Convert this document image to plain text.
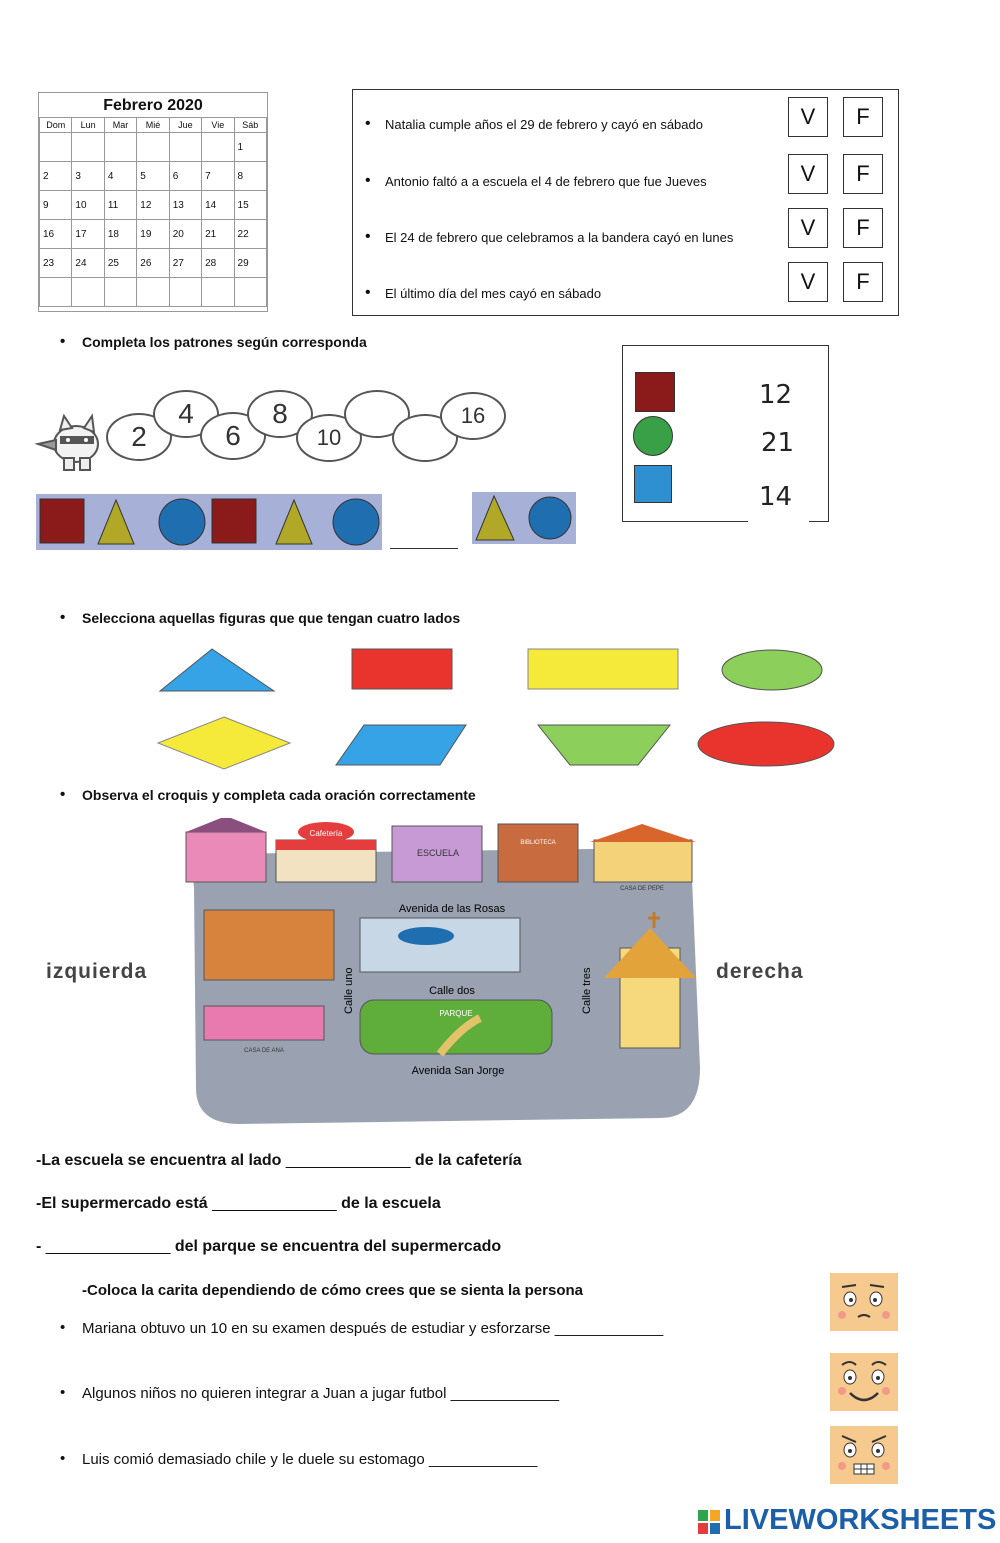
Febrero 2020
Dom	Lun	Mar	Mié	Jue	Vie	Sáb
						1
2	3	4	5	6	7	8
9	10	11	12	13	14	15
16	17	18	19	20	21	22
23	24	25	26	27	28	29

• Natalia cumple años el 29 de febrero y cayó en sábado	V	F
• Antonio faltó a a escuela el 4 de febrero que fue Jueves	V	F
• El 24 de febrero que celebramos a la bandera cayó en lunes	V	F
• El último día del mes cayó en sábado	V	F
• Completa los patrones según corresponda
2
4
6
8
10
16
12
21
14
• Selecciona aquellas figuras que que tengan cuatro lados
• Observa el croquis y completa cada oración correctamente
izquierda	derecha
Avenida de las Rosas
Calle dos
Avenida San Jorge
Calle uno	Calle tres
Cafetería
ESCUELA
BIBLIOTECA
CASA DE PEPE
CASA DE ANA
PARQUE
-La escuela se encuentra al lado ______________ de la cafetería
-El supermercado está ______________ de la escuela
- ______________ del parque se encuentra del supermercado
-Coloca la carita dependiendo de cómo crees que se sienta la persona
• Mariana obtuvo un 10 en su examen después de estudiar y esforzarse _____________
• Algunos niños no quieren integrar a Juan a jugar futbol _____________
• Luis comió demasiado chile y le duele su estomago _____________
LIVEWORKSHEETS
